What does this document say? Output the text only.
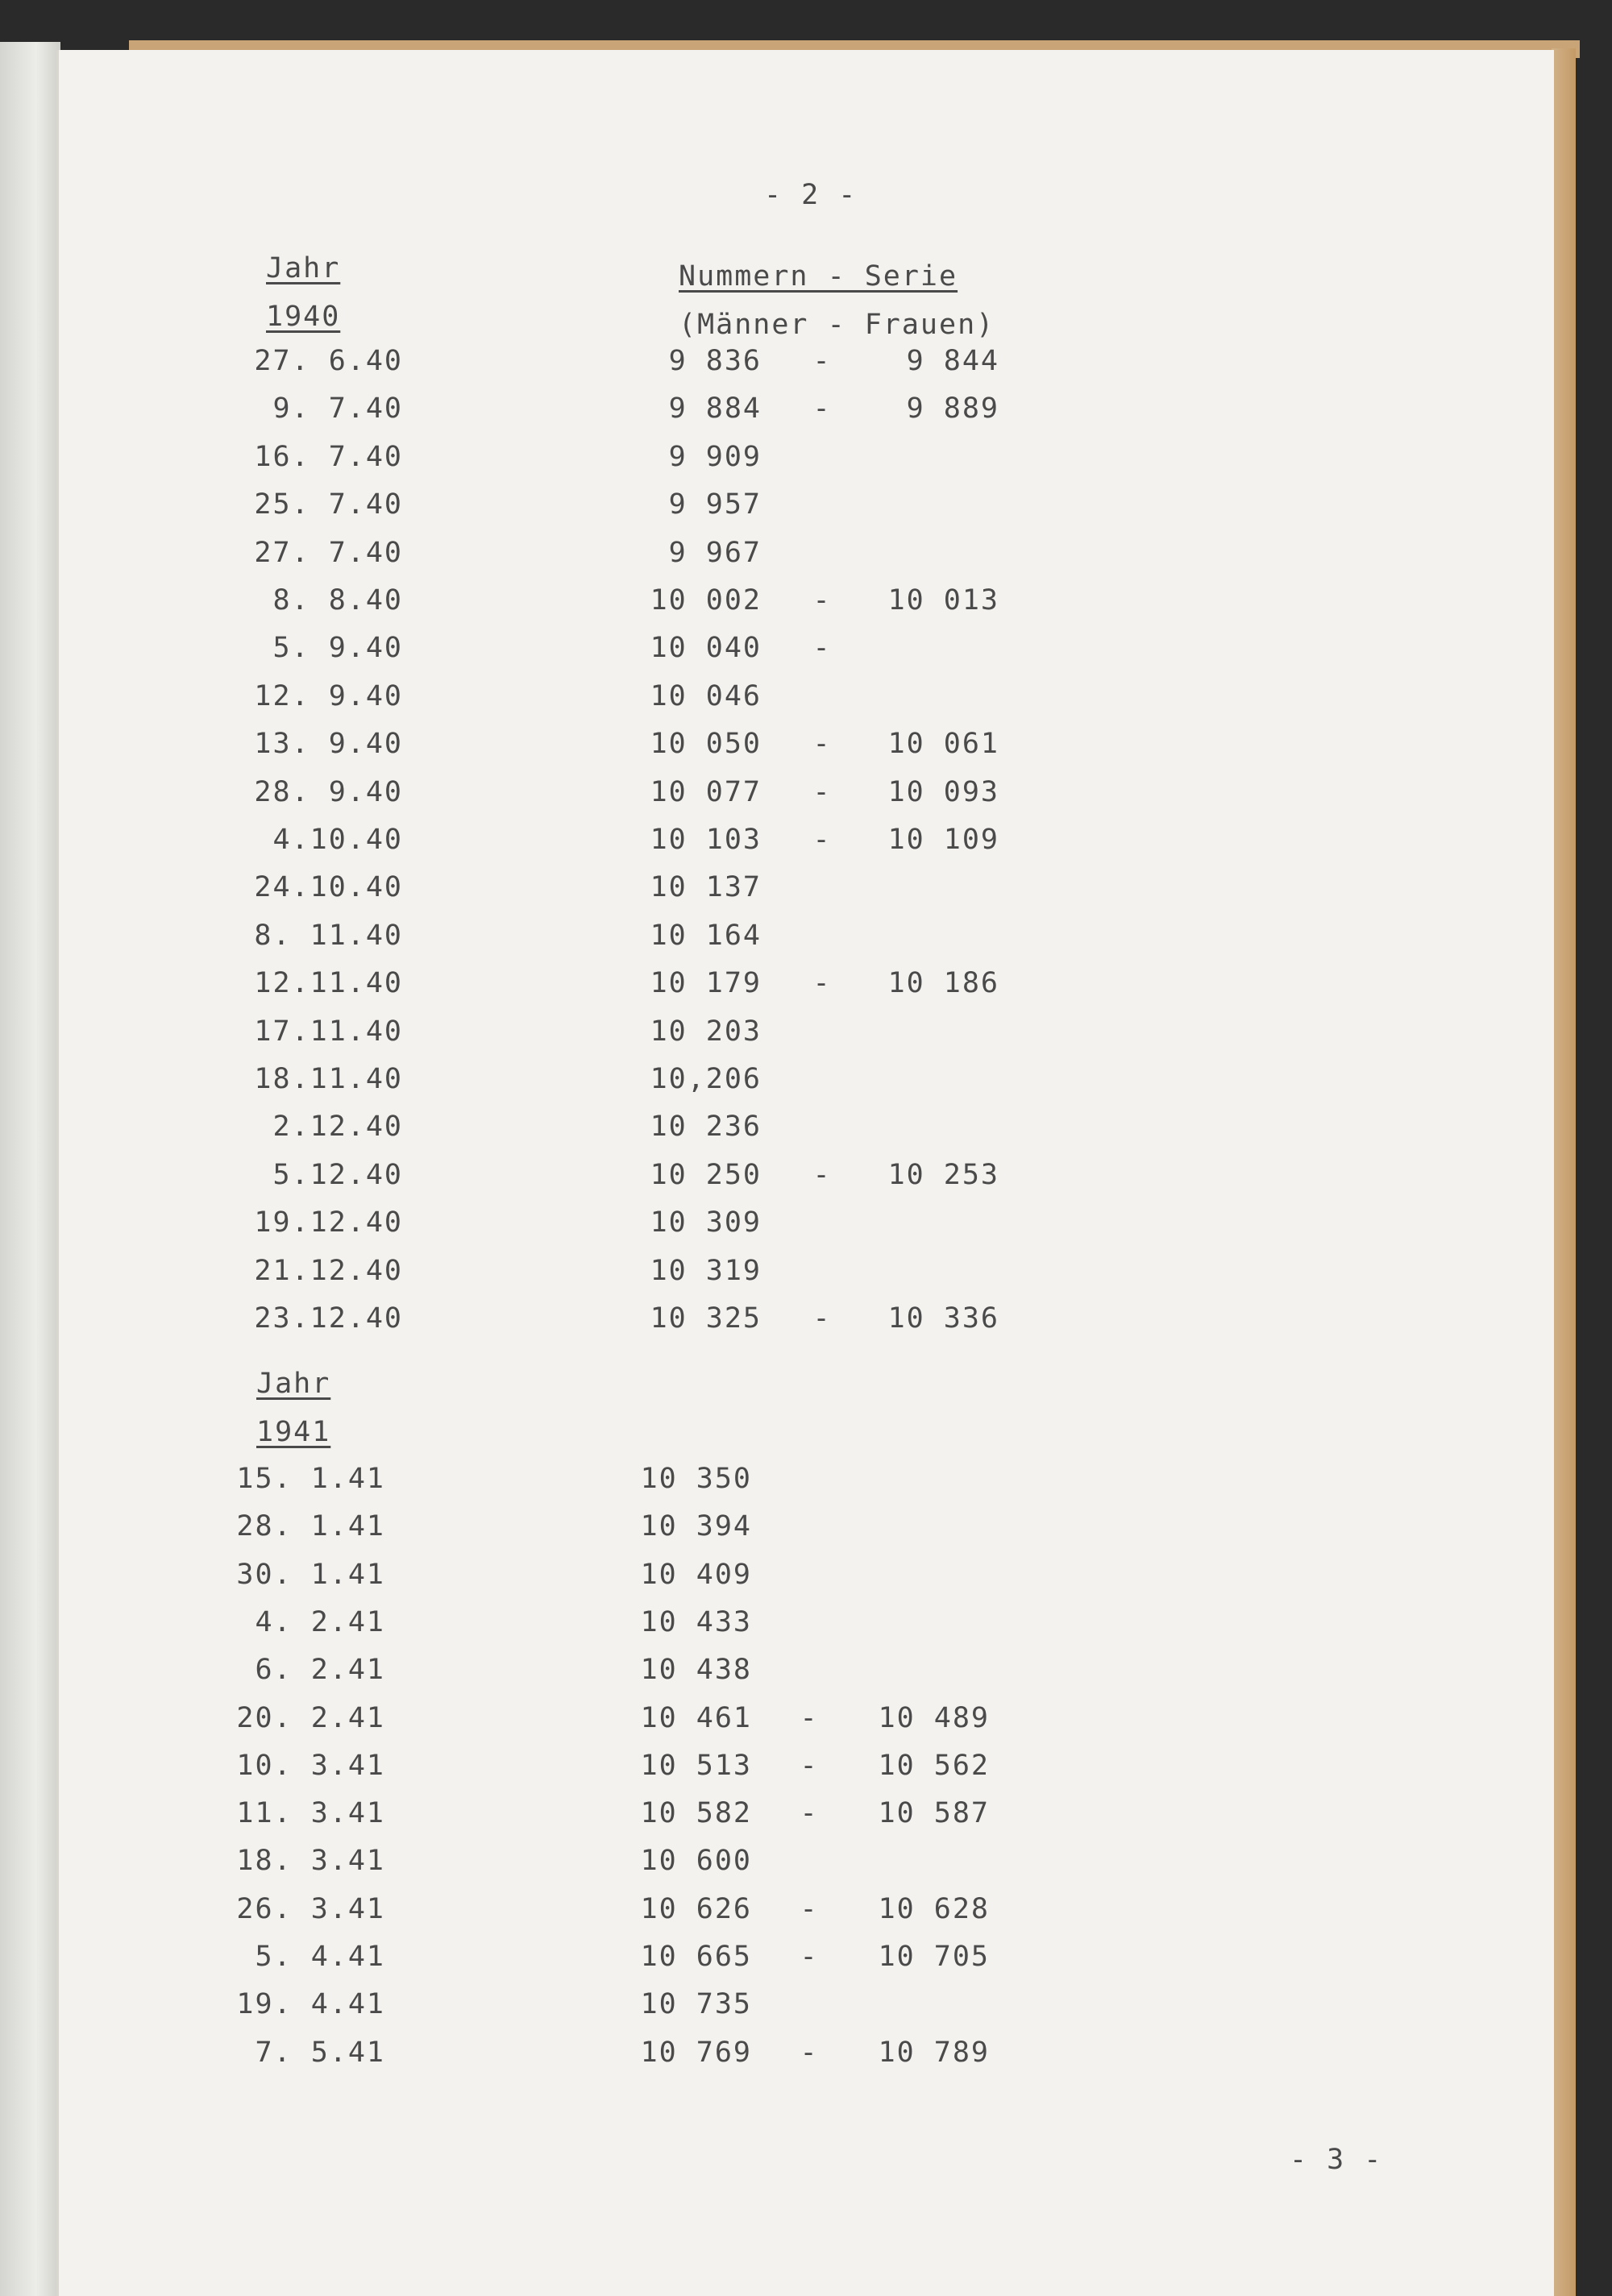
- 2 -
Jahr
1940
Nummern - Serie
(Männer - Frauen)
Jahr
1941
27. 6.40	9 836 -	9 844
9. 7.40	9 884 -	9 889
16. 7.40	9 909
25. 7.40	9 957
27. 7.40	9 967
8. 8.40	10 002 -	10 013
5. 9.40	10 040 -
12. 9.40	10 046
13. 9.40	10 050 -	10 061
28. 9.40	10 077 -	10 093
4.10.40	10 103 -	10 109
24.10.40	10 137
8. 11.40	10 164
12.11.40	10 179 -	10 186
17.11.40	10 203
18.11.40	10,206
2.12.40	10 236
5.12.40	10 250 -	10 253
19.12.40	10 309
21.12.40	10 319
23.12.40	10 325 -	10 336
15. 1.41	10 350
28. 1.41	10 394
30. 1.41	10 409
4. 2.41	10 433
6. 2.41	10 438
20. 2.41	10 461 -	10 489
10. 3.41	10 513 -	10 562
11. 3.41	10 582 -	10 587
18. 3.41	10 600
26. 3.41	10 626 -	10 628
5. 4.41	10 665 -	10 705
19. 4.41	10 735
7. 5.41	10 769 -	10 789
- 3 -
